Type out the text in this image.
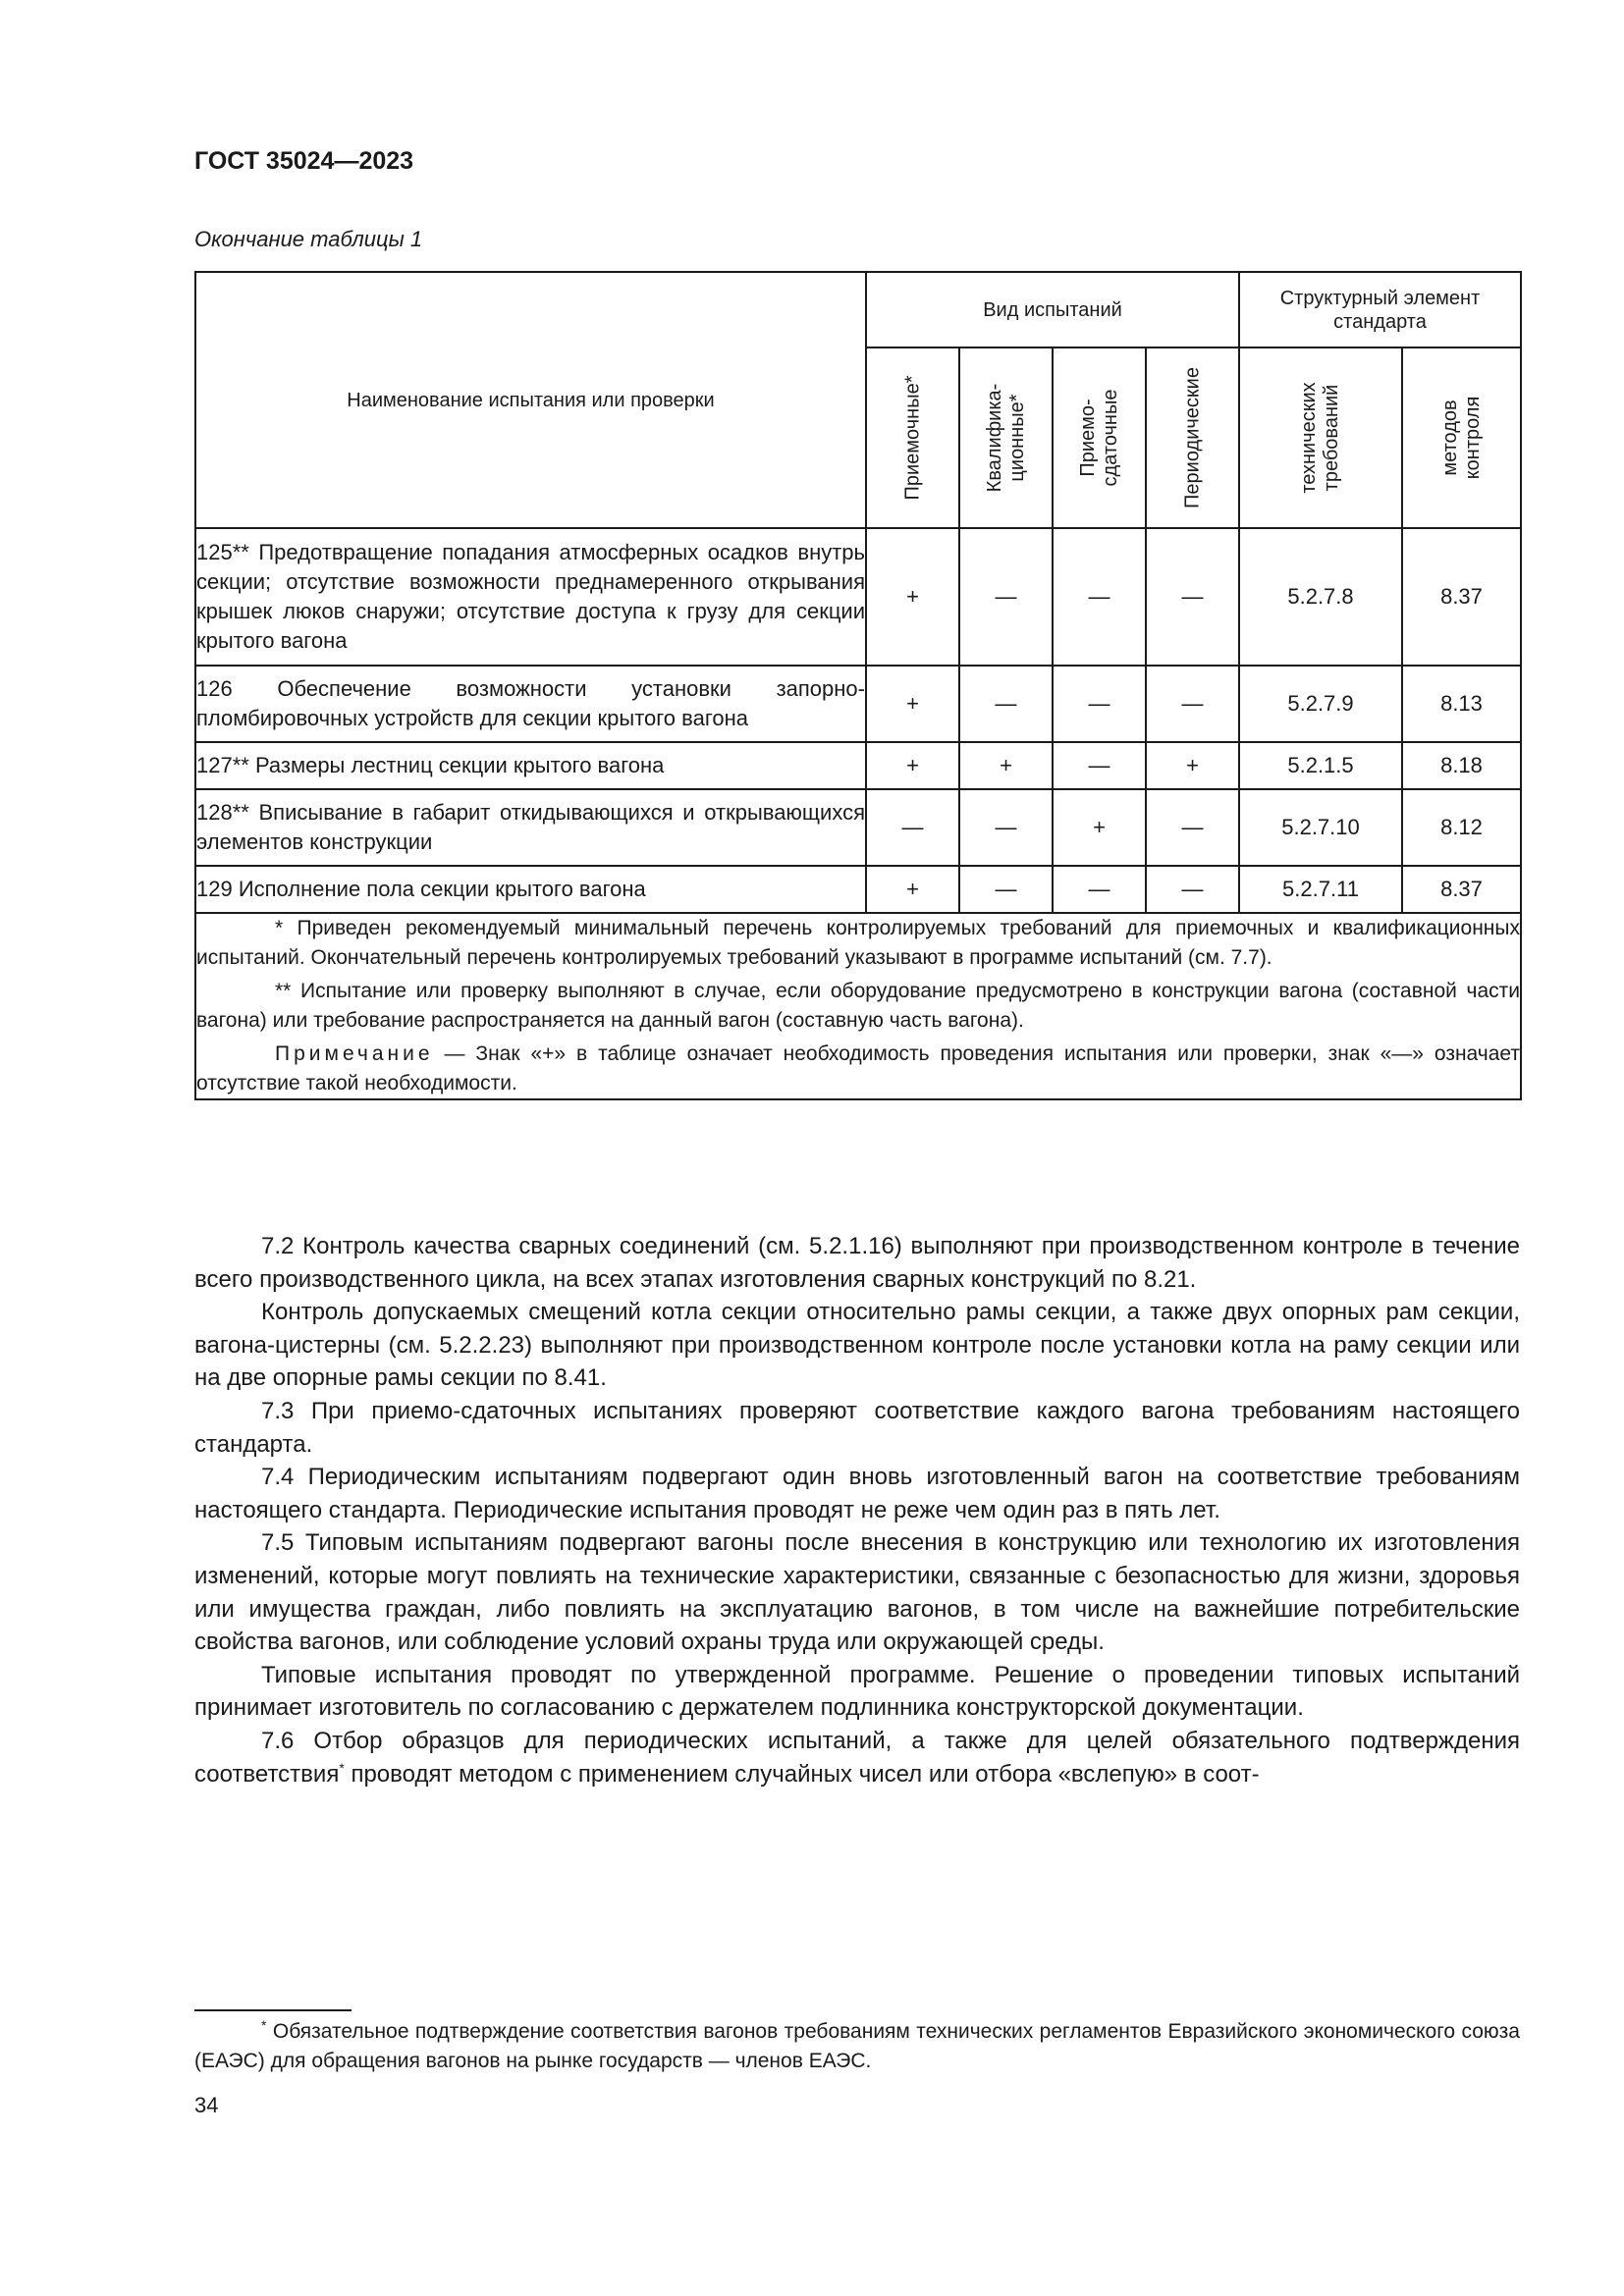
ГОСТ 35024—2023
Окончание таблицы 1
Наименование испытания или проверки	Вид испытаний				Структурный элемент стандарта	

	Приемочные*	Квалифика- ционные*	Приемо- сдаточные	Периодические	технических требований	методов контроля

125** Предотвращение попадания атмосферных осадков внутрь секции; отсутствие возможности преднамеренного открывания крышек люков снаружи; отсутствие доступа к грузу для секции крытого вагона	+	—	—	—	5.2.7.8	8.37
126 Обеспечение возможности установки запорно-пломбировочных устройств для секции крытого вагона	+	—	—	—	5.2.7.9	8.13
127** Размеры лестниц секции крытого вагона	+	+	—	+	5.2.1.5	8.18
128** Вписывание в габарит откидывающихся и открывающихся элементов конструкции	—	—	+	—	5.2.7.10	8.12
129 Исполнение пола секции крытого вагона	+	—	—	—	5.2.7.11	8.37

* Приведен рекомендуемый минимальный перечень контролируемых требований для приемочных и квалификационных испытаний. Окончательный перечень контролируемых требований указывают в программе испытаний (см. 7.7).

** Испытание или проверку выполняют в случае, если оборудование предусмотрено в конструкции вагона (составной части вагона) или требование распространяется на данный вагон (составную часть вагона).

Примечание — Знак «+» в таблице означает необходимость проведения испытания или проверки, знак «—» означает отсутствие такой необходимости.						

7.2 Контроль качества сварных соединений (см. 5.2.1.16) выполняют при производственном контроле в течение всего производственного цикла, на всех этапах изготовления сварных конструкций по 8.21.

Контроль допускаемых смещений котла секции относительно рамы секции, а также двух опорных рам секции, вагона-цистерны (см. 5.2.2.23) выполняют при производственном контроле после установки котла на раму секции или на две опорные рамы секции по 8.41.

7.3 При приемо-сдаточных испытаниях проверяют соответствие каждого вагона требованиям настоящего стандарта.

7.4 Периодическим испытаниям подвергают один вновь изготовленный вагон на соответствие требованиям настоящего стандарта. Периодические испытания проводят не реже чем один раз в пять лет.

7.5 Типовым испытаниям подвергают вагоны после внесения в конструкцию или технологию их изготовления изменений, которые могут повлиять на технические характеристики, связанные с безопасностью для жизни, здоровья или имущества граждан, либо повлиять на эксплуатацию вагонов, в том числе на важнейшие потребительские свойства вагонов, или соблюдение условий охраны труда или окружающей среды.

Типовые испытания проводят по утвержденной программе. Решение о проведении типовых испытаний принимает изготовитель по согласованию с держателем подлинника конструкторской документации.

7.6 Отбор образцов для периодических испытаний, а также для целей обязательного подтверждения соответствия* проводят методом с применением случайных чисел или отбора «вслепую» в соот-

* Обязательное подтверждение соответствия вагонов требованиям технических регламентов Евразийского экономического союза (ЕАЭС) для обращения вагонов на рынке государств — членов ЕАЭС.
34
